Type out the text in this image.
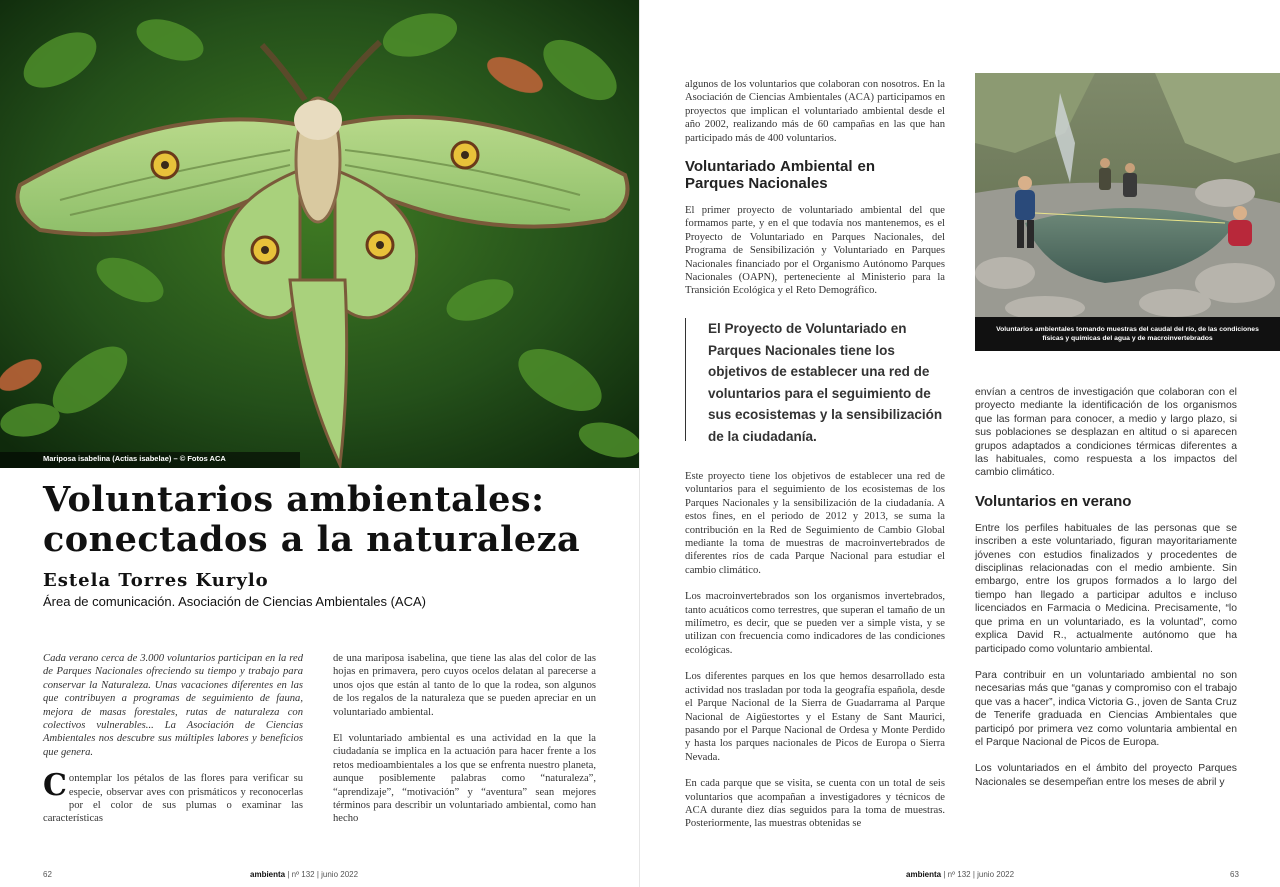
Mariposa isabelina (Actias isabelae) – © Fotos ACA
Voluntarios ambientales:
conectados a la naturaleza
Estela Torres Kurylo
Área de comunicación. Asociación de Ciencias Ambientales (ACA)

Cada verano cerca de 3.000 voluntarios participan en la red de Parques Nacionales ofreciendo su tiempo y trabajo para conservar la Naturaleza. Unas vacaciones diferentes en las que contribuyen a programas de seguimiento de fauna, mejora de masas forestales, rutas de naturaleza con colectivos vulnerables... La Asociación de Ciencias Ambientales nos descubre sus múltiples labores y beneficios que genera.

Contemplar los pétalos de las flores para verificar su especie, observar aves con prismáticos y reconocerlas por el color de sus plumas o examinar las características

de una mariposa isabelina, que tiene las alas del color de las hojas en primavera, pero cuyos ocelos delatan al parecerse a unos ojos que están al tanto de lo que la rodea, son algunos de los regalos de la naturaleza que se pueden apreciar en un voluntariado ambiental.

El voluntariado ambiental es una actividad en la que la ciudadanía se implica en la actuación para hacer frente a los retos medioambientales a los que se enfrenta nuestro planeta, aunque posiblemente palabras como “naturaleza”, “aprendizaje”, “motivación” y “aventura” sean mejores términos para describir un voluntariado ambiental, como han hecho

62	ambienta | nº 132 | junio 2022	ambienta | nº 132 | junio 2022	63

algunos de los voluntarios que colaboran con nosotros. En la Asociación de Ciencias Ambientales (ACA) participamos en proyectos que implican el voluntariado ambiental desde el año 2002, realizando más de 60 campañas en las que han participado más de 400 voluntarios.

Voluntariado Ambiental en Parques Nacionales

El primer proyecto de voluntariado ambiental del que formamos parte, y en el que todavía nos mantenemos, es el Proyecto de Voluntariado en Parques Nacionales, del Programa de Sensibilización y Voluntariado en Parques Nacionales financiado por el Organismo Autónomo Parques Nacionales (OAPN), perteneciente al Ministerio para la Transición Ecológica y el Reto Demográfico.

El Proyecto de Voluntariado en Parques Nacionales tiene los objetivos de establecer una red de voluntarios para el seguimiento de sus ecosistemas y la sensibilización de la ciudadanía.

Este proyecto tiene los objetivos de establecer una red de voluntarios para el seguimiento de los ecosistemas de los Parques Nacionales y la sensibilización de la ciudadanía. A estos fines, en el periodo de 2012 y 2013, se suma la contribución en la Red de Seguimiento de Cambio Global mediante la toma de muestras de macroinvertebrados de diferentes ríos de cada Parque Nacional para estudiar el cambio climático.

Los macroinvertebrados son los organismos invertebrados, tanto acuáticos como terrestres, que superan el tamaño de un milímetro, es decir, que se pueden ver a simple vista, y se utilizan con frecuencia como indicadores de las condiciones ecológicas.

Los diferentes parques en los que hemos desarrollado esta actividad nos trasladan por toda la geografía española, desde el Parque Nacional de la Sierra de Guadarrama al Parque Nacional de Aigüestortes y el Estany de Sant Maurici, pasando por el Parque Nacional de Ordesa y Monte Perdido y hasta los parques nacionales de Picos de Europa o Sierra Nevada.

En cada parque que se visita, se cuenta con un total de seis voluntarios que acompañan a investigadores y técnicos de ACA durante diez días seguidos para la toma de muestras. Posteriormente, las muestras obtenidas se

Voluntarios ambientales tomando muestras del caudal del río, de las condiciones físicas y químicas del agua y de macroinvertebrados

envían a centros de investigación que colaboran con el proyecto mediante la identificación de los organismos que las forman para conocer, a medio y largo plazo, si sus poblaciones se desplazan en altitud o si aparecen grupos adaptados a condiciones térmicas diferentes a las habituales, como respuesta a los impactos del cambio climático.

Voluntarios en verano

Entre los perfiles habituales de las personas que se inscriben a este voluntariado, figuran mayoritariamente jóvenes con estudios finalizados y procedentes de disciplinas relacionadas con el medio ambiente. Sin embargo, entre los grupos formados a lo largo del tiempo han llegado a participar adultos e incluso licenciados en Farmacia o Medicina. Precisamente, “lo que prima en un voluntariado, es la voluntad”, como explica David R., actualmente autónomo que ha participado como voluntario ambiental.

Para contribuir en un voluntariado ambiental no son necesarias más que “ganas y compromiso con el trabajo que vas a hacer”, indica Victoria G., joven de Santa Cruz de Tenerife graduada en Ciencias Ambientales que participó por primera vez como voluntaria ambiental en el Parque Nacional de Picos de Europa.

Los voluntariados en el ámbito del proyecto Parques Nacionales se desempeñan entre los meses de abril y
